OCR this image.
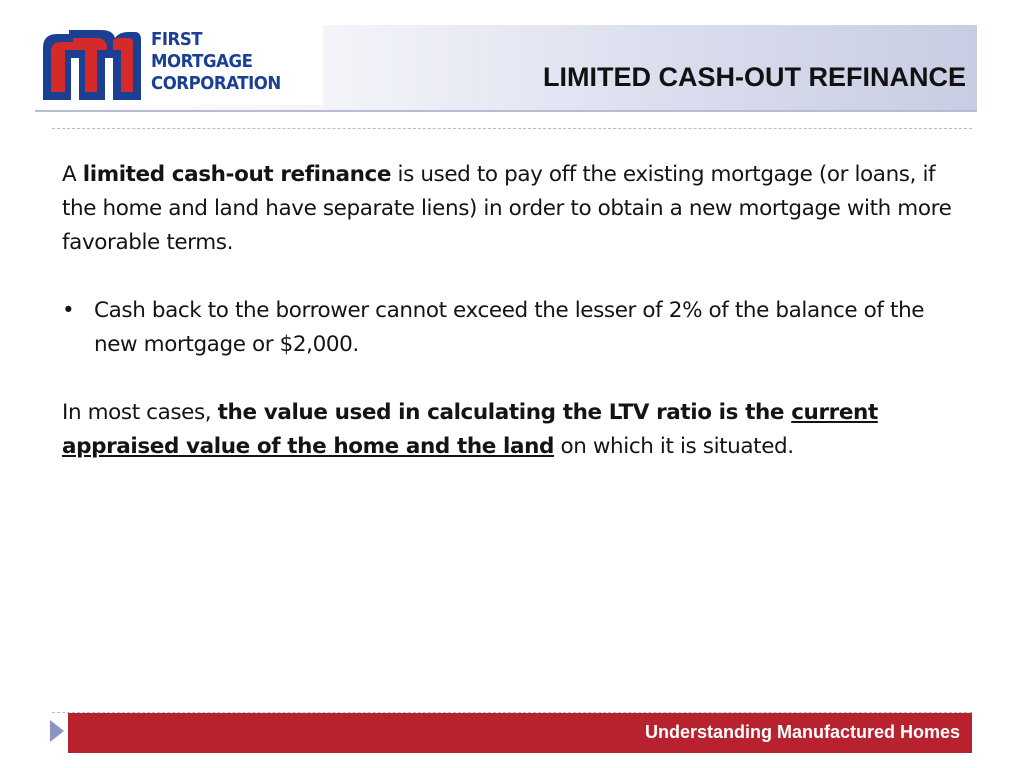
FIRST
MORTGAGE
CORPORATION	LIMITED CASH-OUT REFINANCE

A limited cash-out refinance is used to pay off the existing mortgage (or loans, if the home and land have separate liens) in order to obtain a new mortgage with more favorable terms.

• Cash back to the borrower cannot exceed the lesser of 2% of the balance of the new mortgage or $2,000.

In most cases, the value used in calculating the LTV ratio is the current appraised value of the home and the land on which it is situated.

Understanding Manufactured Homes
